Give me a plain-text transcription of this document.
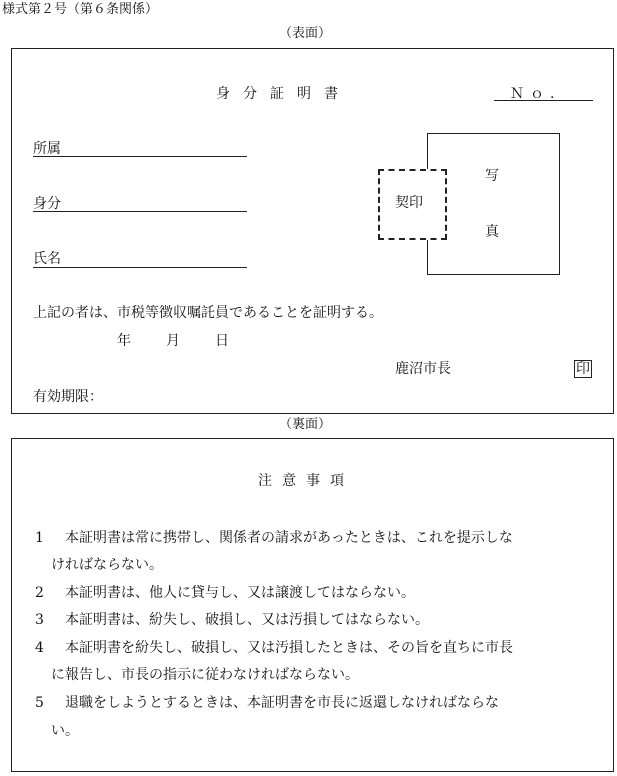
様式第２号（第６条関係）
（表面）
身分証明書	Ｎｏ.
所属
身分
氏名
写
真
契印
上記の者は、市税等徴収嘱託員であることを証明する。
年	月	日
鹿沼市長	印
有効期限：
（裏面）
注意事項
1 本証明書は常に携帯し、関係者の請求があったときは、これを提示しな
ければならない。
2 本証明書は、他人に貸与し、又は譲渡してはならない。
3 本証明書は、紛失し、破損し、又は汚損してはならない。
4 本証明書を紛失し、破損し、又は汚損したときは、その旨を直ちに市長
に報告し、市長の指示に従わなければならない。
5 退職をしようとするときは、本証明書を市長に返還しなければならな
い。
